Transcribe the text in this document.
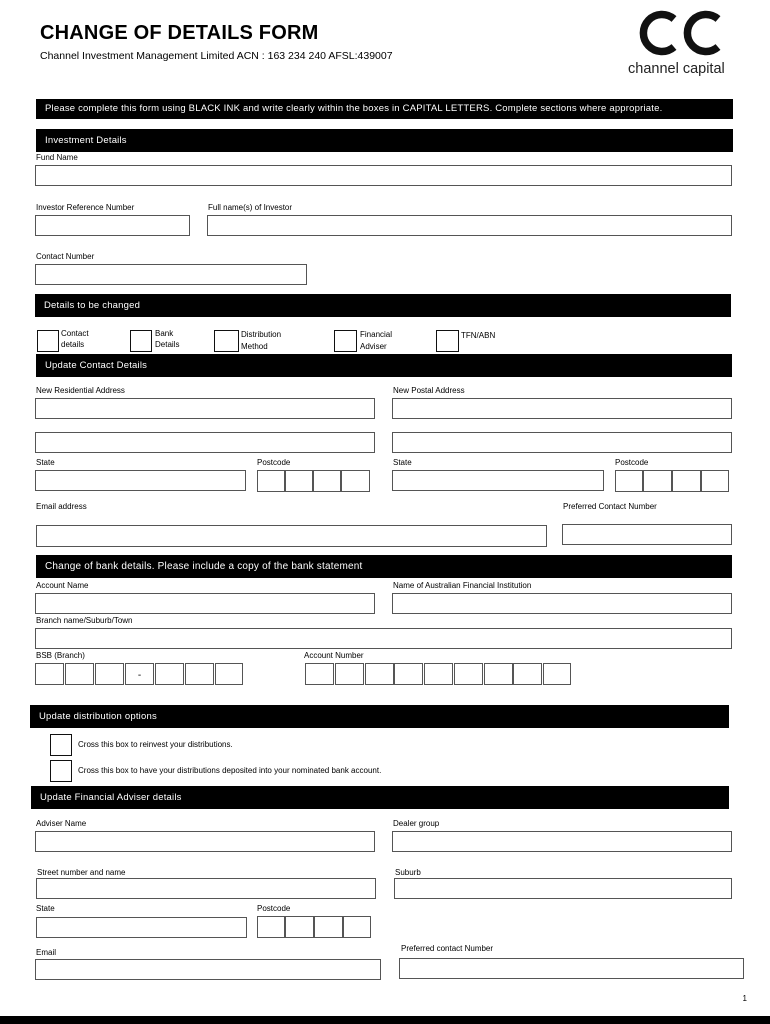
CHANGE OF DETAILS FORM
Channel Investment Management Limited ACN : 163 234 240 AFSL:439007
channel capital
Please complete this form using BLACK INK and write clearly within the boxes in CAPITAL LETTERS. Complete sections where appropriate.
Investment Details
Fund Name
Investor Reference Number	Full name(s) of Investor
Contact Number
Details to be changed
Contact
details
Bank
Details
Distribution
Method
Financial
Adviser
TFN/ABN
Update Contact Details
New Residential Address	New Postal Address
State	Postcode	State	Postcode
Email address	Preferred Contact Number
Change of bank details. Please include a copy of the bank statement
Account Name	Name of Australian Financial Institution
Branch name/Suburb/Town
BSB (Branch)
-
Account Number
Update distribution options
Cross this box to reinvest your distributions.
Cross this box to have your distributions deposited into your nominated bank account.
Update Financial Adviser details
Adviser Name	Dealer group
Street number and name	Suburb
State	Postcode
Email	Preferred contact Number
1
